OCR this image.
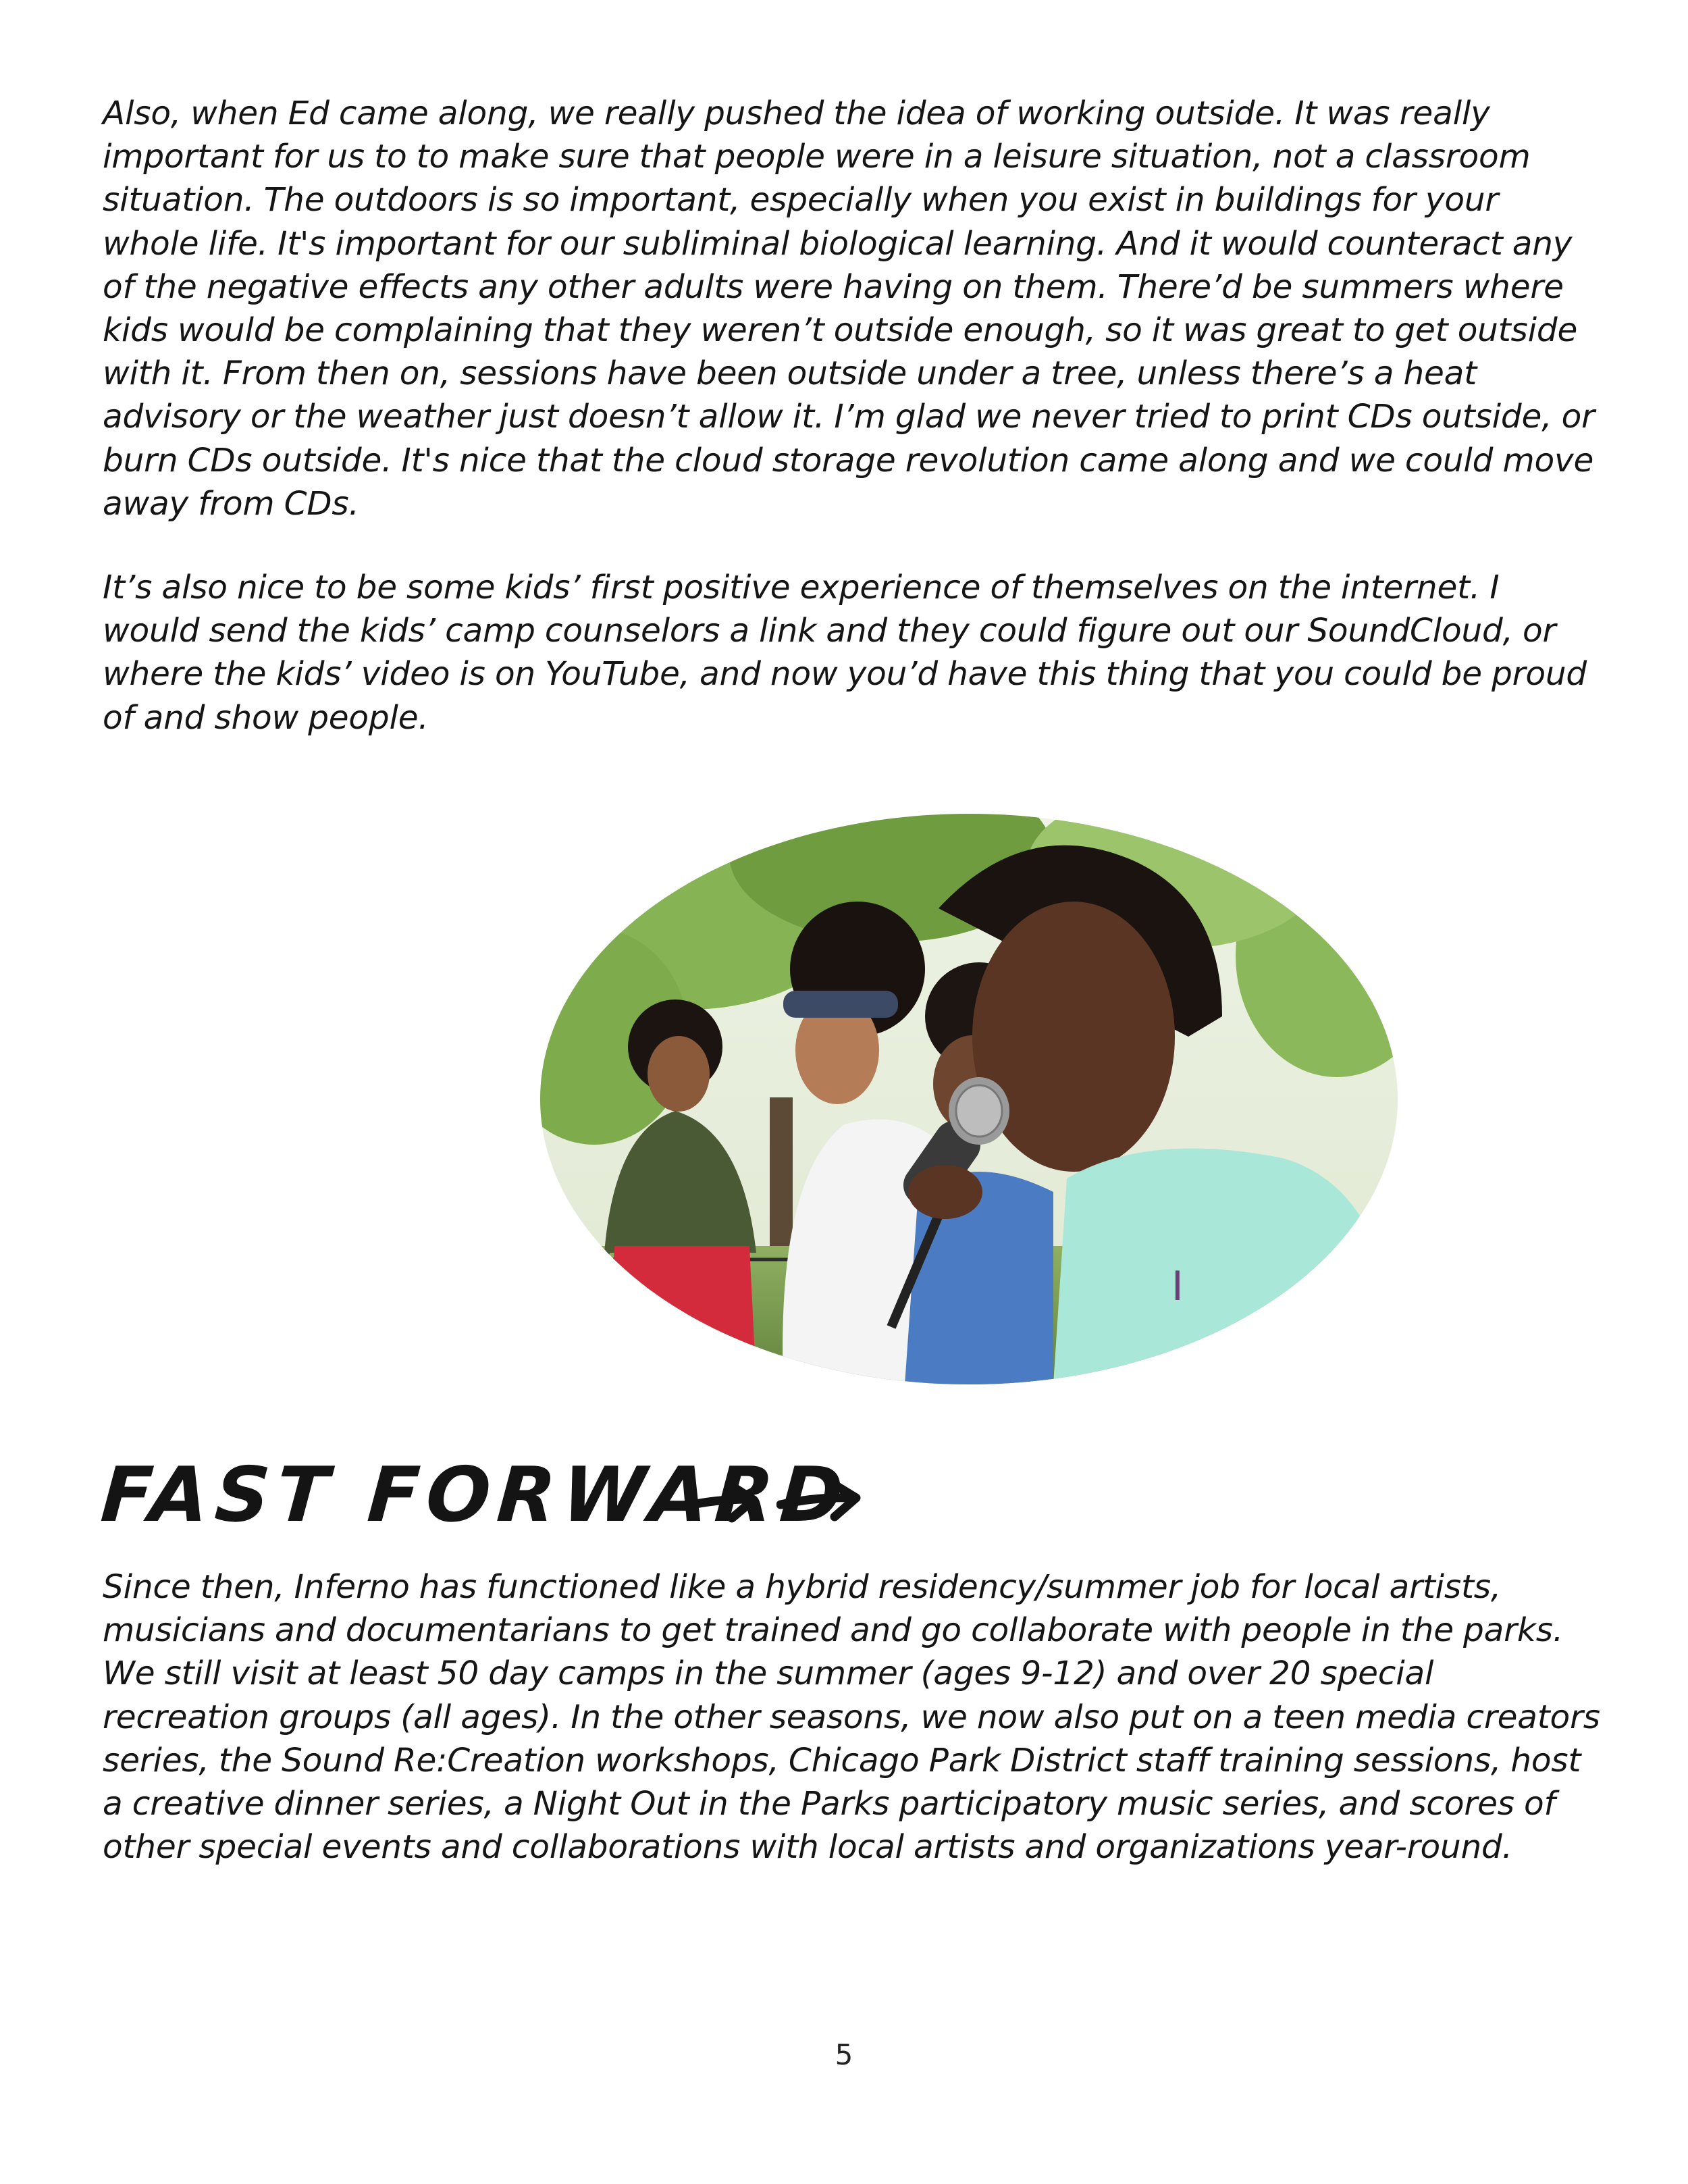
Also, when Ed came along, we really pushed the idea of working outside. It was really important for us to to make sure that people were in a leisure situation, not a classroom situation. The outdoors is so important, especially when you exist in buildings for your whole life. It's important for our subliminal biological learning. And it would counteract any of the negative effects any other adults were having on them. There’d be summers where kids would be complaining that they weren’t outside enough, so it was great to get outside with it. From then on, sessions have been outside under a tree, unless there’s a heat advisory or the weather just doesn’t allow it. I’m glad we never tried to print CDs outside, or burn CDs outside. It's nice that the cloud storage revolution came along and we could move away from CDs.

It’s also nice to be some kids’ first positive experience of themselves on the internet. I would send the kids’ camp counselors a link and they could figure out our SoundCloud, or where the kids’ video is on YouTube, and now you’d have this thing that you could be proud of and show people.

I
FAST FORWARD

Since then, Inferno has functioned like a hybrid residency/summer job for local artists, musicians and documentarians to get trained and go collaborate with people in the parks. We still visit at least 50 day camps in the summer (ages 9-12) and over 20 special recreation groups (all ages). In the other seasons, we now also put on a teen media creators series, the Sound Re:Creation workshops, Chicago Park District staff training sessions, host a creative dinner series, a Night Out in the Parks participatory music series, and scores of other special events and collaborations with local artists and organizations year-round.

5
